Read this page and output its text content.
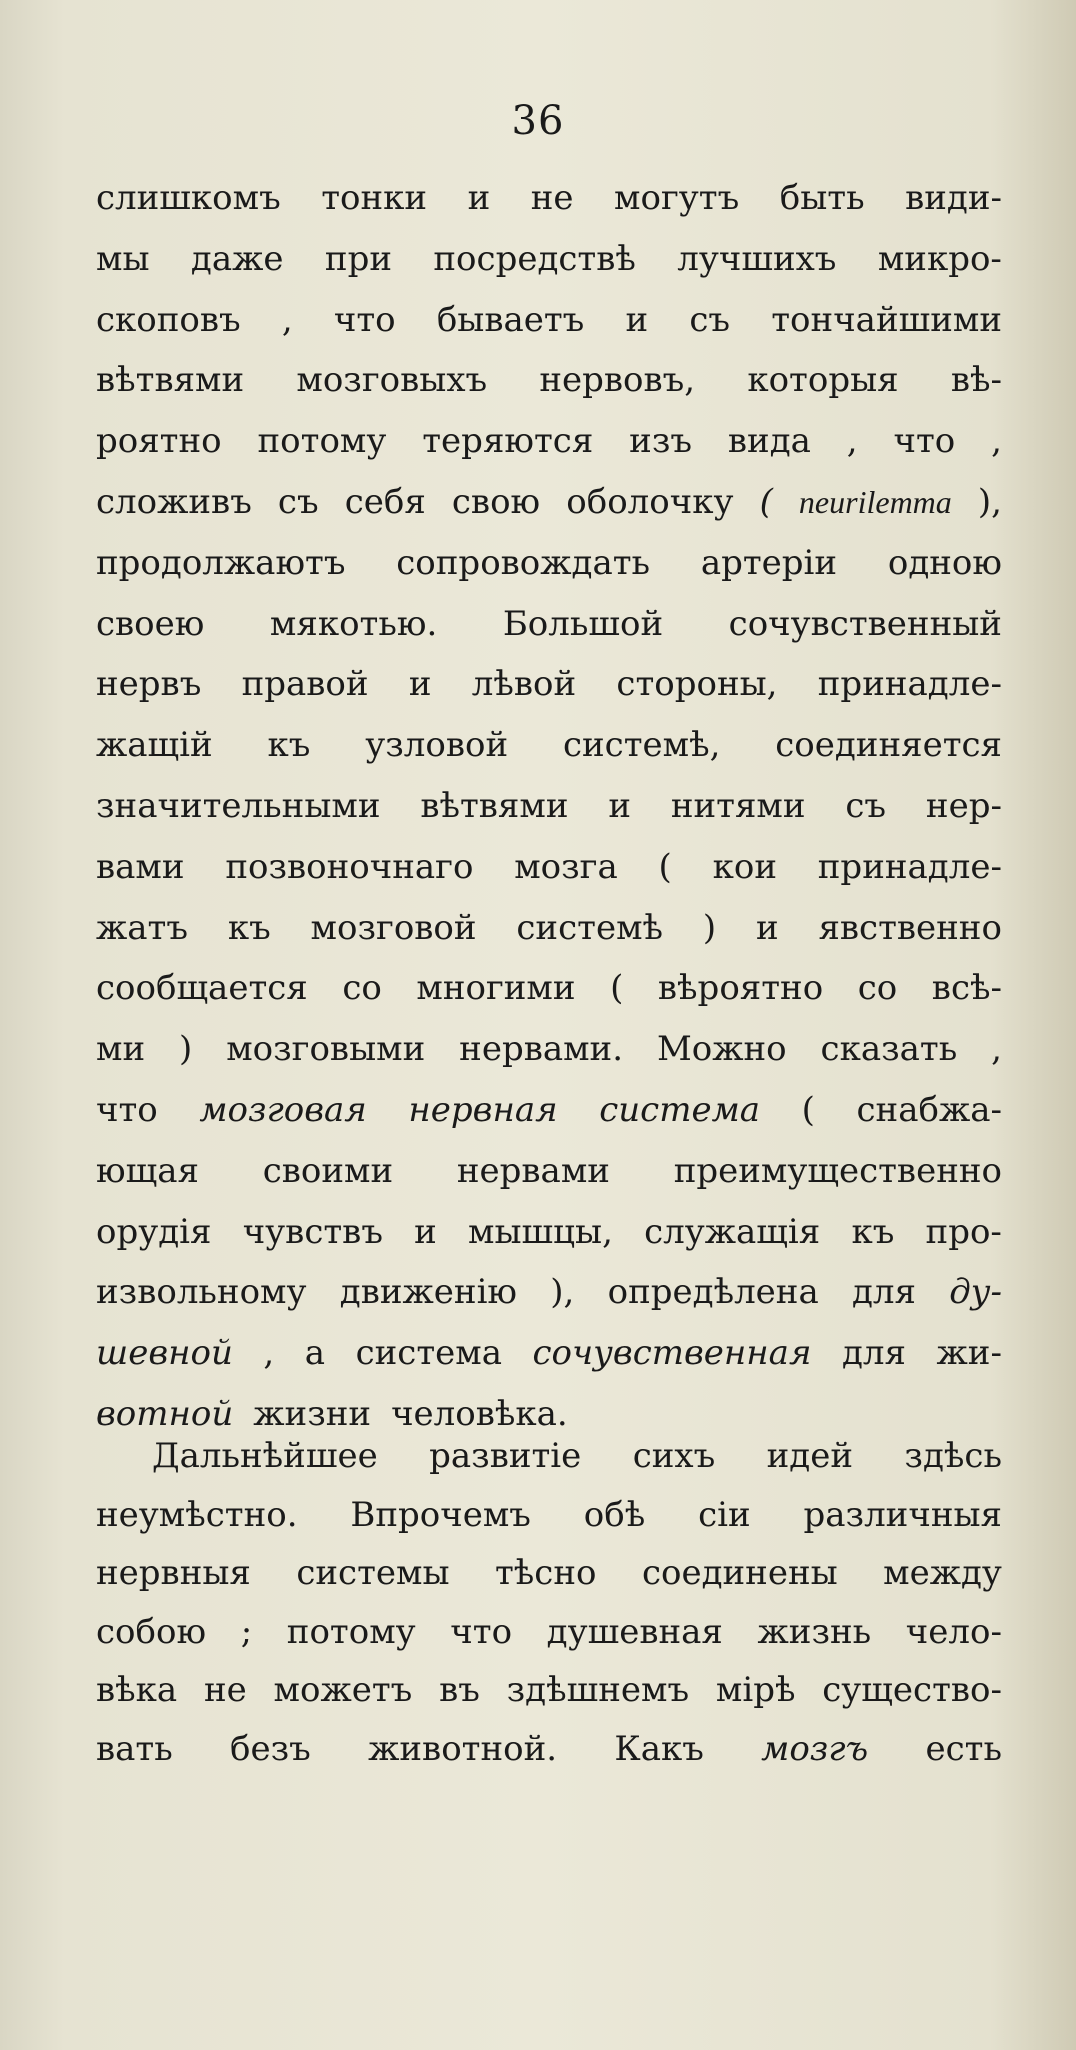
36
слишкомъ тонки и не могутъ быть види-
мы даже при посредствѣ лучшихъ микро-
скоповъ , что бываетъ и съ тончайшими
вѣтвями мозговыхъ нервовъ, которыя вѣ-
роятно потому теряются изъ вида , что ,
сложивъ съ себя свою оболочку ( neurilemma ),
продолжаютъ сопровождать артеріи одною
своею мякотью. Большой сочувственный
нервъ правой и лѣвой стороны, принадле-
жащій къ узловой системѣ, соединяется
значительными вѣтвями и нитями съ нер-
вами позвоночнаго мозга ( кои принадле-
жатъ къ мозговой системѣ ) и явственно
сообщается со многими ( вѣроятно со всѣ-
ми ) мозговыми нервами. Можно сказать ,
что мозговая нервная система ( снабжа-
ющая своими нервами преимущественно
орудія чувствъ и мышцы, служащія къ про-
извольному движенію ), опредѣлена для ду-
шевной , а система сочувственная для жи-
вотной жизни человѣка.
Дальнѣйшее развитіе сихъ идей здѣсь
неумѣстно. Впрочемъ обѣ сіи различныя
нервныя системы тѣсно соединены между
собою ; потому что душевная жизнь чело-
вѣка не можетъ въ здѣшнемъ мірѣ существо-
вать безъ животной. Какъ мозгъ есть
